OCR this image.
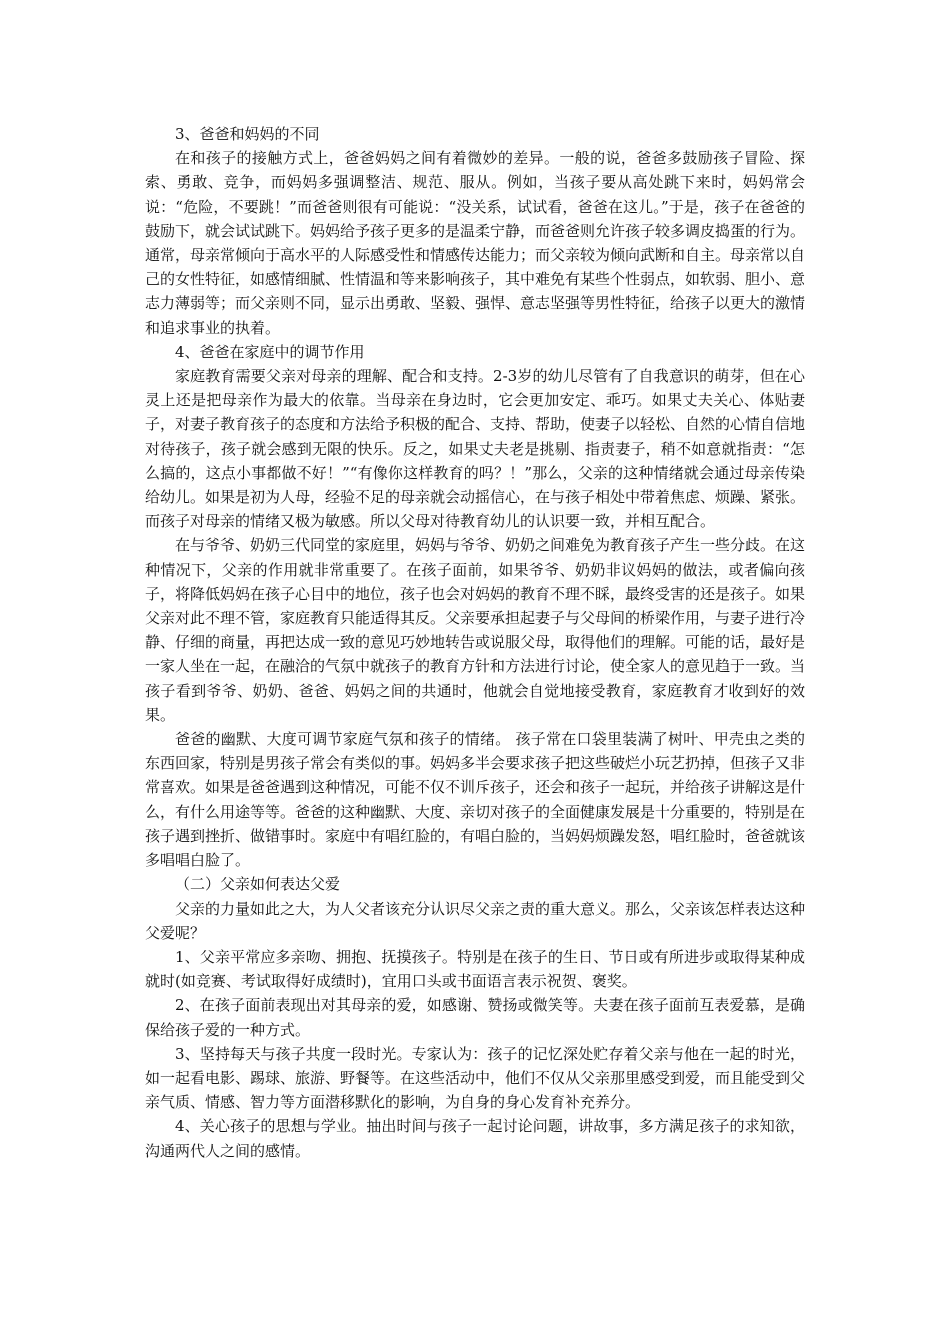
3、爸爸和妈妈的不同

在和孩子的接触方式上，爸爸妈妈之间有着微妙的差异。一般的说，爸爸多鼓励孩子冒险、探索、勇敢、竞争，而妈妈多强调整洁、规范、服从。例如，当孩子要从高处跳下来时，妈妈常会说：“危险，不要跳！”而爸爸则很有可能说：“没关系，试试看，爸爸在这儿。”于是，孩子在爸爸的鼓励下，就会试试跳下。妈妈给予孩子更多的是温柔宁静，而爸爸则允许孩子较多调皮捣蛋的行为。通常，母亲常倾向于高水平的人际感受性和情感传达能力；而父亲较为倾向武断和自主。母亲常以自己的女性特征，如感情细腻、性情温和等来影响孩子，其中难免有某些个性弱点，如软弱、胆小、意志力薄弱等；而父亲则不同，显示出勇敢、坚毅、强悍、意志坚强等男性特征，给孩子以更大的激情和追求事业的执着。

4、爸爸在家庭中的调节作用

家庭教育需要父亲对母亲的理解、配合和支持。2-3岁的幼儿尽管有了自我意识的萌芽，但在心灵上还是把母亲作为最大的依靠。当母亲在身边时，它会更加安定、乖巧。如果丈夫关心、体贴妻子，对妻子教育孩子的态度和方法给予积极的配合、支持、帮助，使妻子以轻松、自然的心情自信地对待孩子，孩子就会感到无限的快乐。反之，如果丈夫老是挑剔、指责妻子，稍不如意就指责：“怎么搞的，这点小事都做不好！”“有像你这样教育的吗？！”那么，父亲的这种情绪就会通过母亲传染给幼儿。如果是初为人母，经验不足的母亲就会动摇信心，在与孩子相处中带着焦虑、烦躁、紧张。而孩子对母亲的情绪又极为敏感。所以父母对待教育幼儿的认识要一致，并相互配合。

在与爷爷、奶奶三代同堂的家庭里，妈妈与爷爷、奶奶之间难免为教育孩子产生一些分歧。在这种情况下，父亲的作用就非常重要了。在孩子面前，如果爷爷、奶奶非议妈妈的做法，或者偏向孩子，将降低妈妈在孩子心目中的地位，孩子也会对妈妈的教育不理不睬，最终受害的还是孩子。如果父亲对此不理不管，家庭教育只能适得其反。父亲要承担起妻子与父母间的桥梁作用，与妻子进行冷静、仔细的商量，再把达成一致的意见巧妙地转告或说服父母，取得他们的理解。可能的话，最好是一家人坐在一起，在融洽的气氛中就孩子的教育方针和方法进行讨论，使全家人的意见趋于一致。当孩子看到爷爷、奶奶、爸爸、妈妈之间的共通时，他就会自觉地接受教育，家庭教育才收到好的效果。

爸爸的幽默、大度可调节家庭气氛和孩子的情绪。 孩子常在口袋里装满了树叶、甲壳虫之类的东西回家，特别是男孩子常会有类似的事。妈妈多半会要求孩子把这些破烂小玩艺扔掉，但孩子又非常喜欢。如果是爸爸遇到这种情况，可能不仅不训斥孩子，还会和孩子一起玩，并给孩子讲解这是什么，有什么用途等等。爸爸的这种幽默、大度、亲切对孩子的全面健康发展是十分重要的，特别是在孩子遇到挫折、做错事时。家庭中有唱红脸的，有唱白脸的，当妈妈烦躁发怒，唱红脸时，爸爸就该多唱唱白脸了。

（二）父亲如何表达父爱

父亲的力量如此之大，为人父者该充分认识尽父亲之责的重大意义。那么，父亲该怎样表达这种父爱呢？

1、父亲平常应多亲吻、拥抱、抚摸孩子。特别是在孩子的生日、节日或有所进步或取得某种成就时(如竞赛、考试取得好成绩时)，宜用口头或书面语言表示祝贺、褒奖。

2、在孩子面前表现出对其母亲的爱，如感谢、赞扬或微笑等。夫妻在孩子面前互表爱慕，是确保给孩子爱的一种方式。

3、坚持每天与孩子共度一段时光。专家认为：孩子的记忆深处贮存着父亲与他在一起的时光，如一起看电影、踢球、旅游、野餐等。在这些活动中，他们不仅从父亲那里感受到爱，而且能受到父亲气质、情感、智力等方面潜移默化的影响，为自身的身心发育补充养分。

4、关心孩子的思想与学业。抽出时间与孩子一起讨论问题，讲故事，多方满足孩子的求知欲，沟通两代人之间的感情。
